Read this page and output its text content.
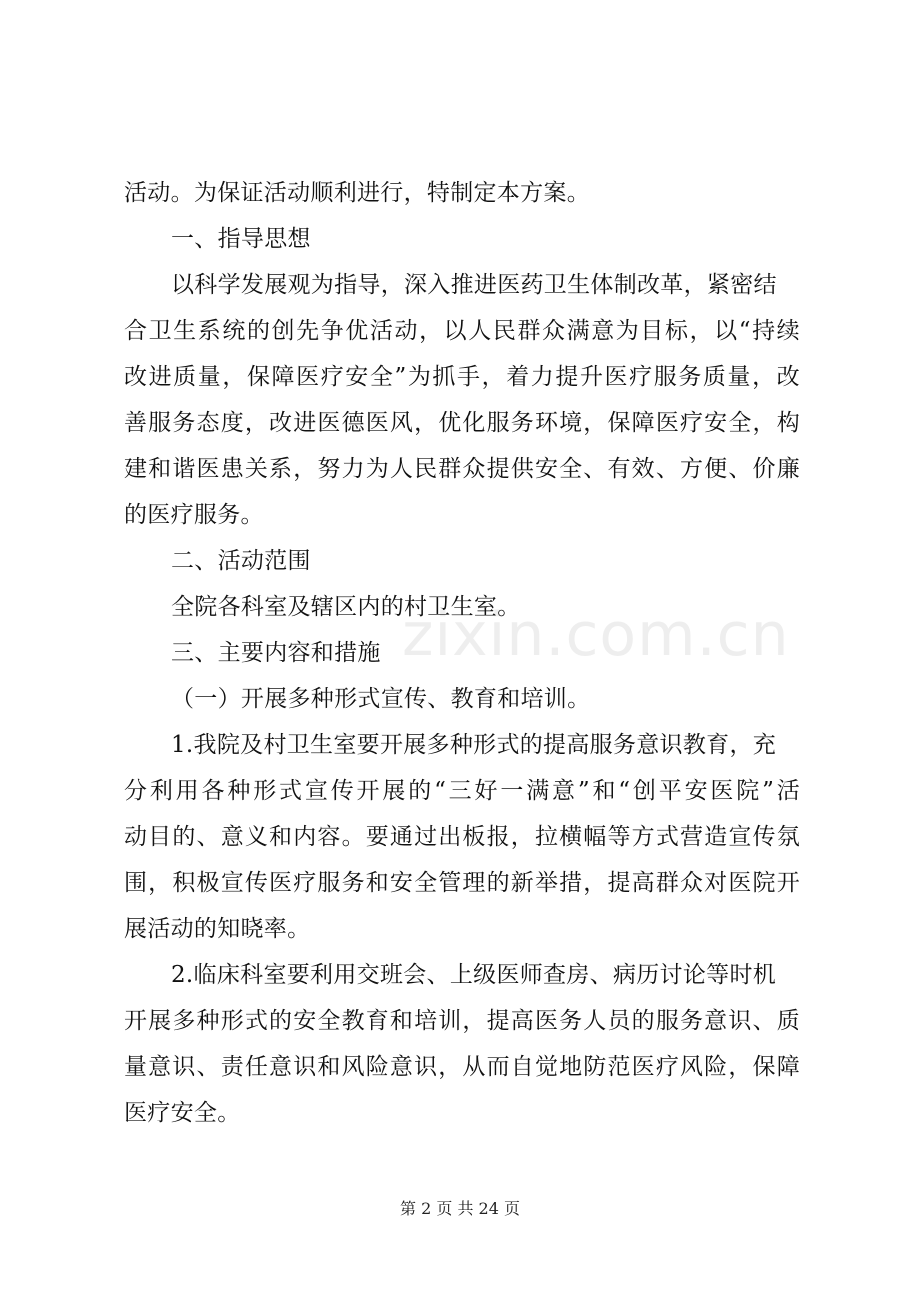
zixin.com.cn
活动。为保证活动顺利进行，特制定本方案。
一、指导思想
以科学发展观为指导，深入推进医药卫生体制改革，紧密结
合卫生系统的创先争优活动，以人民群众满意为目标，以“持续
改进质量，保障医疗安全”为抓手，着力提升医疗服务质量，改
善服务态度，改进医德医风，优化服务环境，保障医疗安全，构
建和谐医患关系，努力为人民群众提供安全、有效、方便、价廉
的医疗服务。
二、活动范围
全院各科室及辖区内的村卫生室。
三、主要内容和措施
（一）开展多种形式宣传、教育和培训。
1.我院及村卫生室要开展多种形式的提高服务意识教育，充
分利用各种形式宣传开展的“三好一满意”和“创平安医院”活
动目的、意义和内容。要通过出板报，拉横幅等方式营造宣传氛
围，积极宣传医疗服务和安全管理的新举措，提高群众对医院开
展活动的知晓率。
2.临床科室要利用交班会、上级医师查房、病历讨论等时机
开展多种形式的安全教育和培训，提高医务人员的服务意识、质
量意识、责任意识和风险意识，从而自觉地防范医疗风险，保障
医疗安全。
第 2 页 共 24 页
